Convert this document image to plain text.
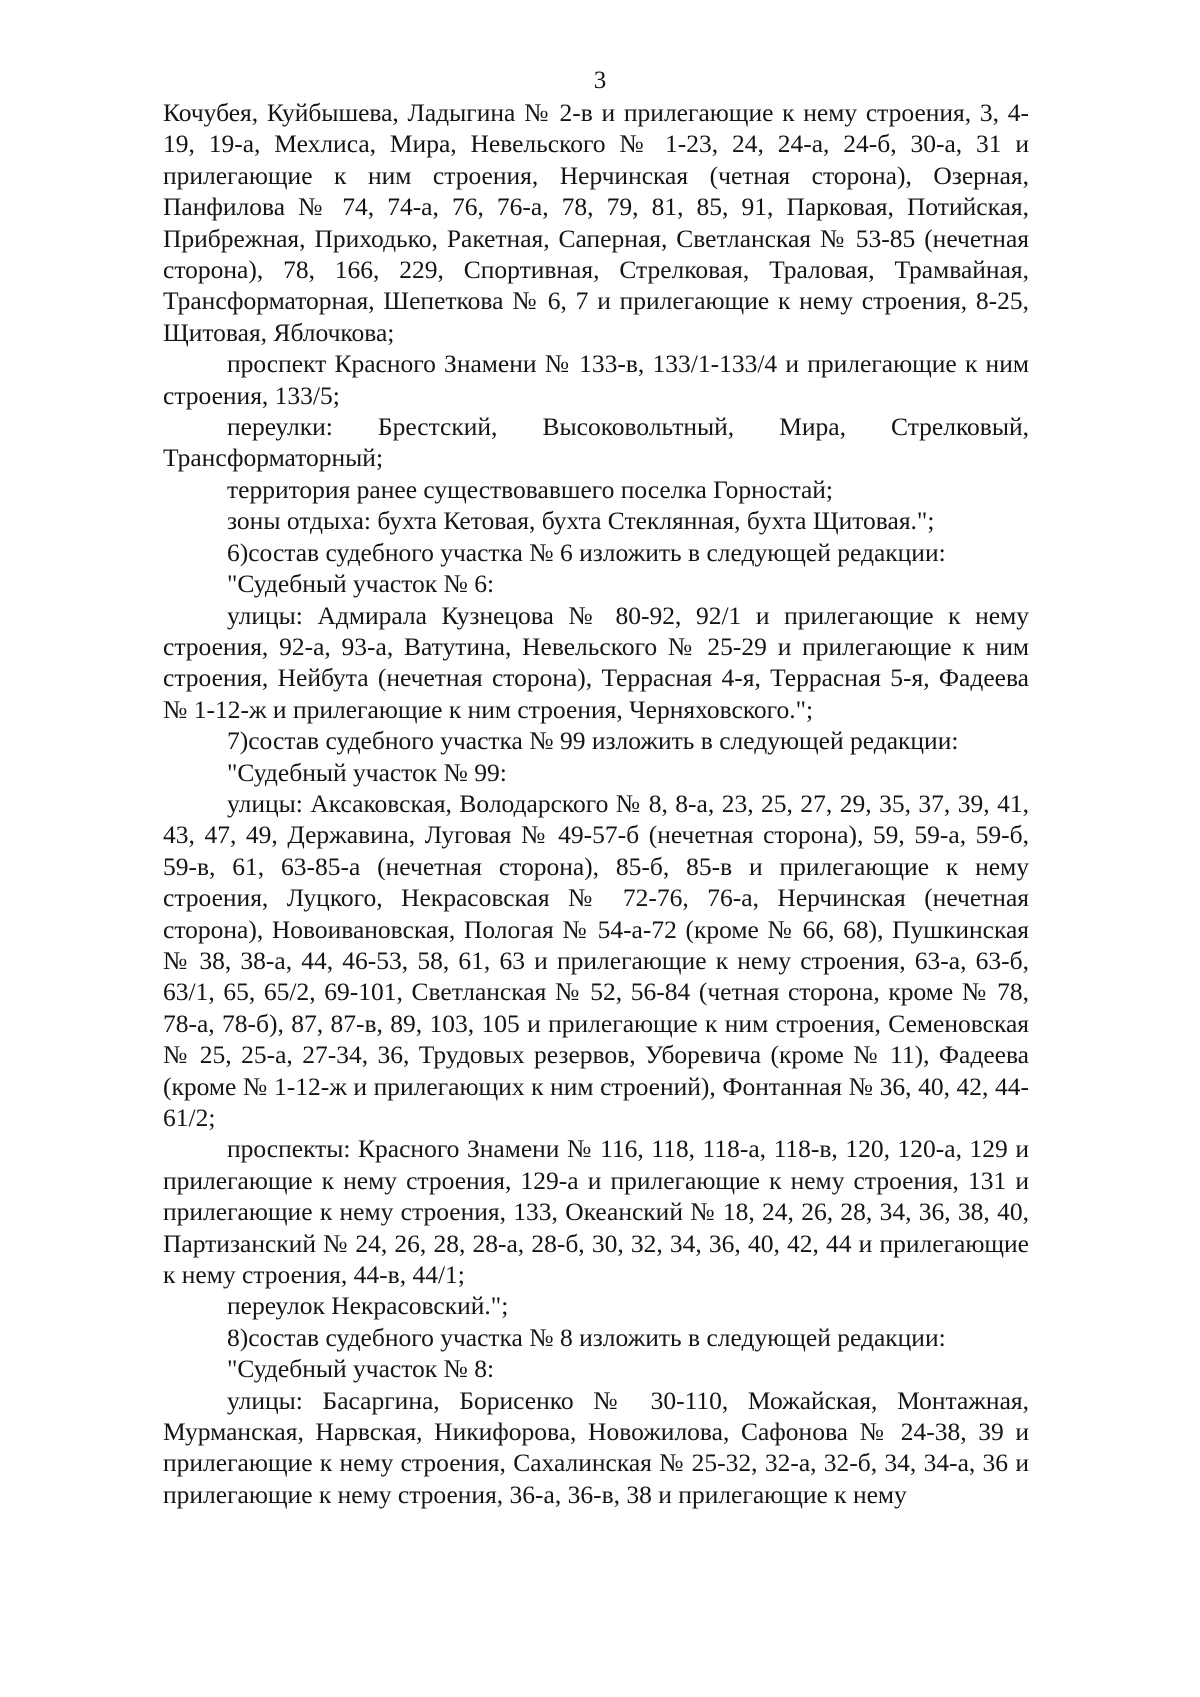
3

Кочубея, Куйбышева, Ладыгина № 2-в и прилегающие к нему строения, 3, 4-19, 19-а, Мехлиса, Мира, Невельского № 1-23, 24, 24-а, 24-б, 30-а, 31 и прилегающие к ним строения, Нерчинская (четная сторона), Озерная, Панфилова № 74, 74-а, 76, 76-а, 78, 79, 81, 85, 91, Парковая, Потийская, Прибрежная, Приходько, Ракетная, Саперная, Светланская № 53-85 (нечетная сторона), 78, 166, 229, Спортивная, Стрелковая, Траловая, Трамвайная, Трансформаторная, Шепеткова № 6, 7 и прилегающие к нему строения, 8-25, Щитовая, Яблочкова;

проспект Красного Знамени № 133-в, 133/1-133/4 и прилегающие к ним строения, 133/5;

переулки: Брестский, Высоковольтный, Мира, Стрелковый, Трансформаторный;

территория ранее существовавшего поселка Горностай;

зоны отдыха: бухта Кетовая, бухта Стеклянная, бухта Щитовая.";

6)состав судебного участка № 6 изложить в следующей редакции:

"Судебный участок № 6:

улицы: Адмирала Кузнецова № 80-92, 92/1 и прилегающие к нему строения, 92-а, 93-а, Ватутина, Невельского № 25-29 и прилегающие к ним строения, Нейбута (нечетная сторона), Террасная 4-я, Террасная 5-я, Фадеева № 1-12-ж и прилегающие к ним строения, Черняховского.";

7)состав судебного участка № 99 изложить в следующей редакции:

"Судебный участок № 99:

улицы: Аксаковская, Володарского № 8, 8-а, 23, 25, 27, 29, 35, 37, 39, 41, 43, 47, 49, Державина, Луговая № 49-57-б (нечетная сторона), 59, 59-а, 59-б, 59-в, 61, 63-85-а (нечетная сторона), 85-б, 85-в и прилегающие к нему строения, Луцкого, Некрасовская № 72-76, 76-а, Нерчинская (нечетная сторона), Новоивановская, Пологая № 54-а-72 (кроме № 66, 68), Пушкинская № 38, 38-а, 44, 46-53, 58, 61, 63 и прилегающие к нему строения, 63-а, 63-б, 63/1, 65, 65/2, 69-101, Светланская № 52, 56-84 (четная сторона, кроме № 78, 78-а, 78-б), 87, 87-в, 89, 103, 105 и прилегающие к ним строения, Семеновская № 25, 25-а, 27-34, 36, Трудовых резервов, Уборевича (кроме № 11), Фадеева (кроме № 1-12-ж и прилегающих к ним строений), Фонтанная № 36, 40, 42, 44-61/2;

проспекты: Красного Знамени № 116, 118, 118-а, 118-в, 120, 120-а, 129 и прилегающие к нему строения, 129-а и прилегающие к нему строения, 131 и прилегающие к нему строения, 133, Океанский № 18, 24, 26, 28, 34, 36, 38, 40, Партизанский № 24, 26, 28, 28-а, 28-б, 30, 32, 34, 36, 40, 42, 44 и прилегающие к нему строения, 44-в, 44/1;

переулок Некрасовский.";

8)состав судебного участка № 8 изложить в следующей редакции:

"Судебный участок № 8:

улицы: Басаргина, Борисенко № 30-110, Можайская, Монтажная, Мурманская, Нарвская, Никифорова, Новожилова, Сафонова № 24-38, 39 и прилегающие к нему строения, Сахалинская № 25-32, 32-а, 32-б, 34, 34-а, 36 и прилегающие к нему строения, 36-а, 36-в, 38 и прилегающие к нему
